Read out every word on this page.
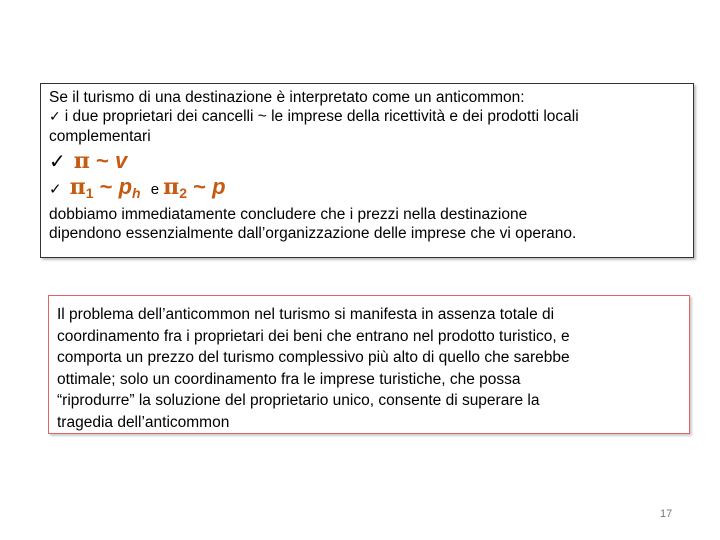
Se il turismo di una destinazione è interpretato come un anticommon:

✓ i due proprietari dei cancelli ~ le imprese della ricettività e dei prodotti locali

complementari

✓ π ~ v
✓ $\pi_1$ ~ $p_h$ e $\pi_2$ ~ p

dobbiamo immediatamente concludere che i prezzi nella destinazione

dipendono essenzialmente dall’organizzazione delle imprese che vi operano.

Il problema dell’anticommon nel turismo si manifesta in assenza totale di

coordinamento fra i proprietari dei beni che entrano nel prodotto turistico, e

comporta un prezzo del turismo complessivo più alto di quello che sarebbe

ottimale; solo un coordinamento fra le imprese turistiche, che possa

“riprodurre” la soluzione del proprietario unico, consente di superare la

tragedia dell’anticommon

17
